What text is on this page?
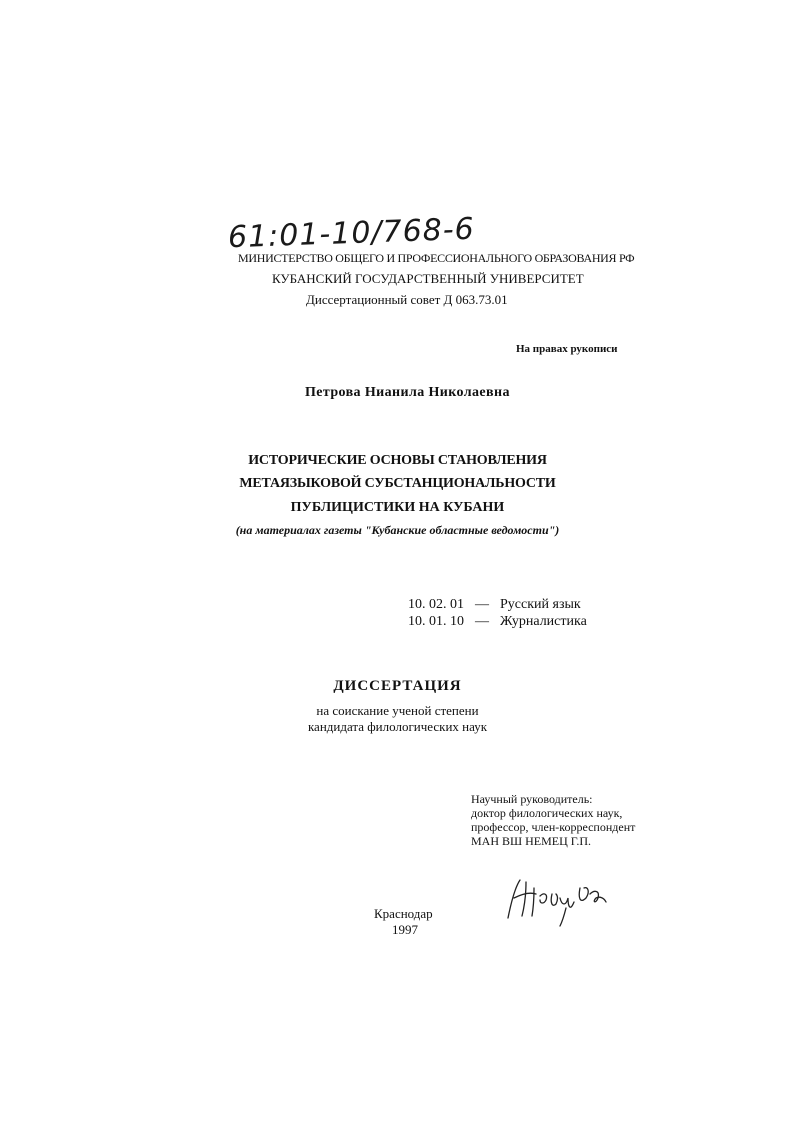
61:01-10/768-6
МИНИСТЕРСТВО ОБЩЕГО И ПРОФЕССИОНАЛЬНОГО ОБРАЗОВАНИЯ РФ
КУБАНСКИЙ ГОСУДАРСТВЕННЫЙ УНИВЕРСИТЕТ
Диссертационный совет Д 063.73.01
На правах рукописи
Петрова Нианила Николаевна
ИСТОРИЧЕСКИЕ ОСНОВЫ СТАНОВЛЕНИЯ
МЕТАЯЗЫКОВОЙ СУБСТАНЦИОНАЛЬНОСТИ
ПУБЛИЦИСТИКИ НА КУБАНИ
(на материалах газеты "Кубанские областные ведомости")
10. 02. 01 — Русский язык
10. 01. 10 — Журналистика
ДИССЕРТАЦИЯ
на соискание ученой степени
кандидата филологических наук
Научный руководитель:
доктор филологических наук,
профессор, член-корреспондент
МАН ВШ НЕМЕЦ Г.П.
Краснодар
1997
